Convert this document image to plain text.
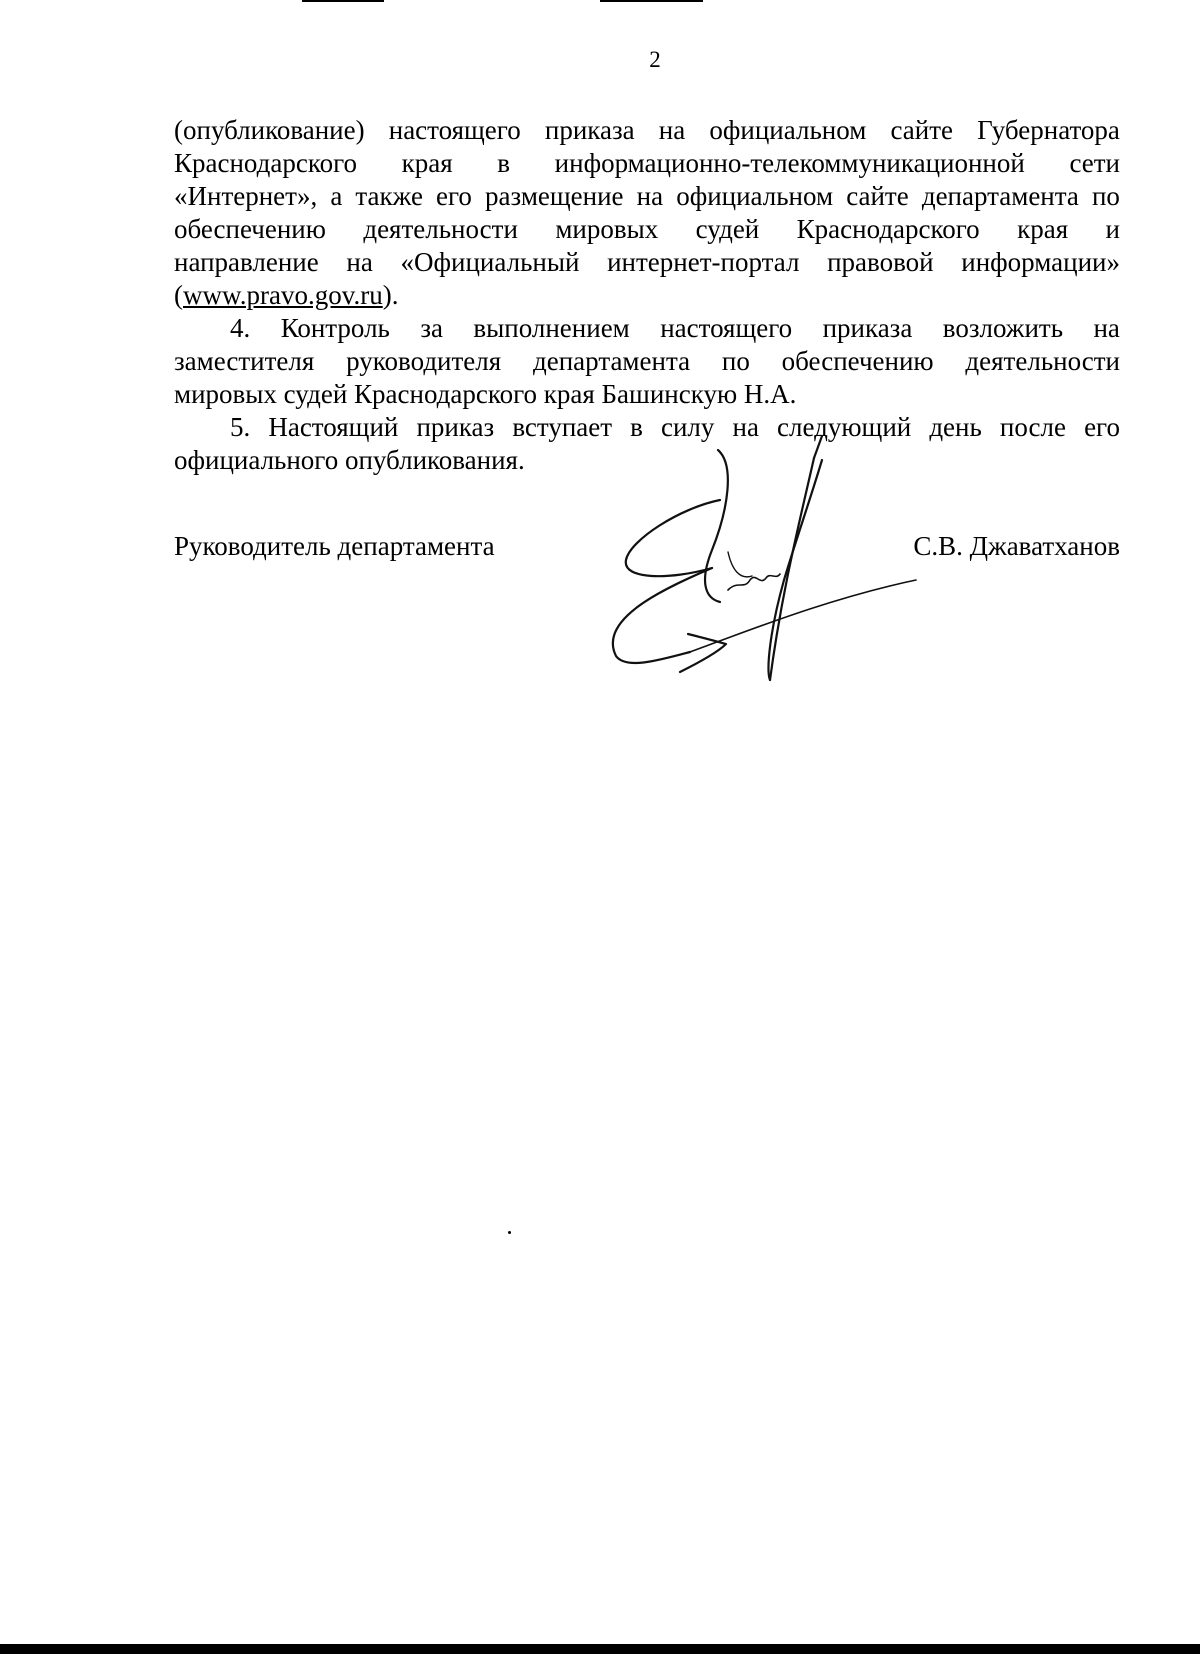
2
(опубликование) настоящего приказа на официальном сайте Губернатора
Краснодарского края в информационно-телекоммуникационной сети
«Интернет», а также его размещение на официальном сайте департамента по
обеспечению деятельности мировых судей Краснодарского края и
направление на «Официальный интернет-портал правовой информации»
( www.pravo.gov.ru ).
4. Контроль за выполнением настоящего приказа возложить на
заместителя руководителя департамента по обеспечению деятельности
мировых судей Краснодарского края Башинскую Н.А.
5. Настоящий приказ вступает в силу на следующий день после его
официального опубликования.
Руководитель департамента	С.В. Джаватханов
